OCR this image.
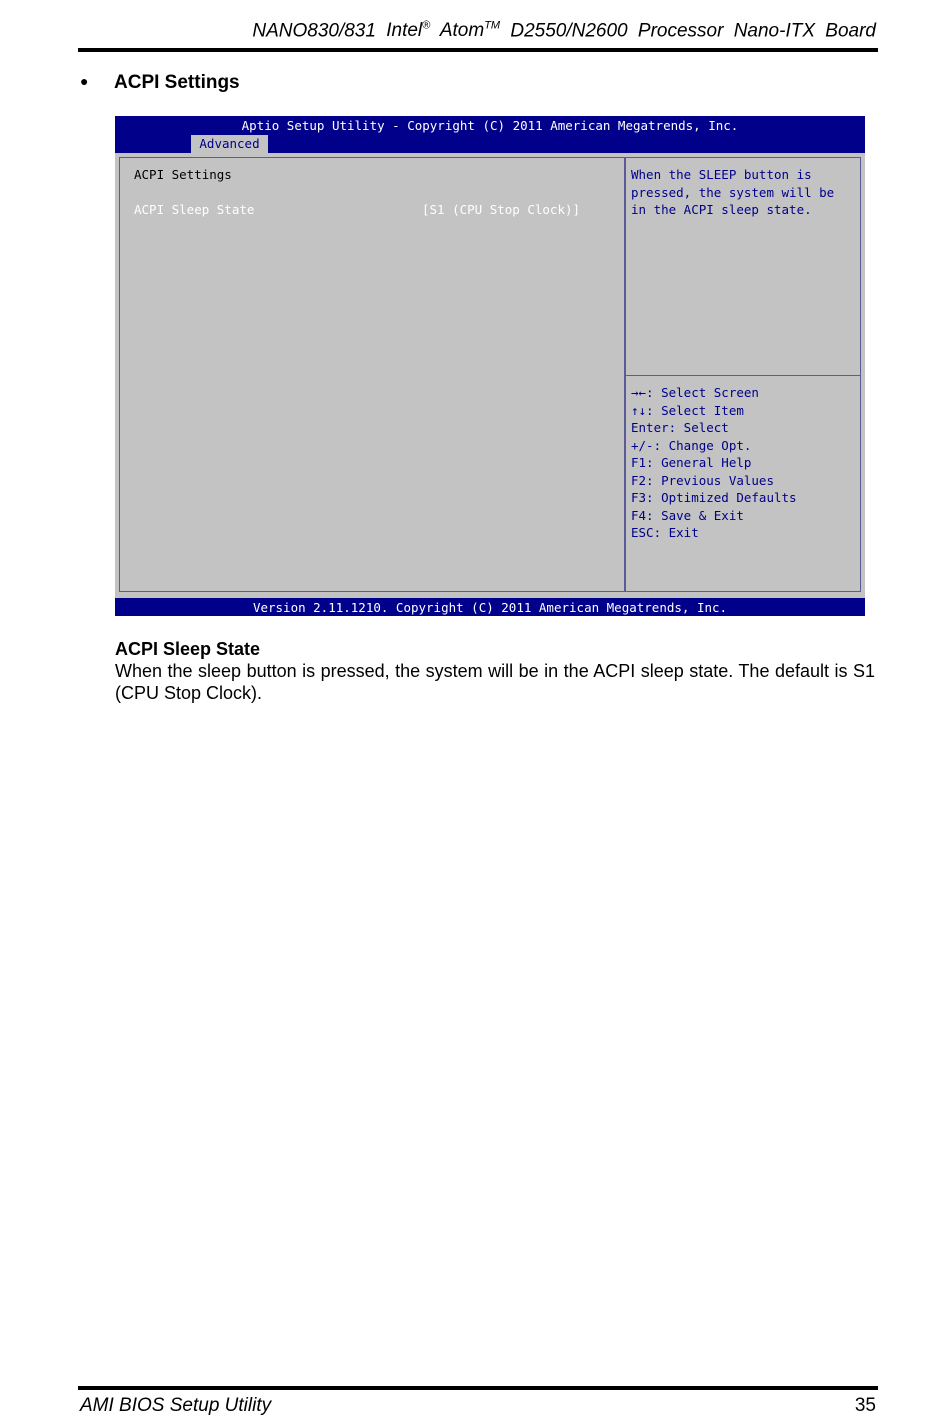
NANO830/831 Intel® Atom™ D2550/N2600 Processor Nano-ITX Board
● ACPI Settings
Aptio Setup Utility - Copyright (C) 2011 American Megatrends, Inc.
Advanced
ACPI Settings
ACPI Sleep State	[S1 (CPU Stop Clock)]
When the SLEEP button is pressed, the system will be in the ACPI sleep state.
→←: Select Screen
↑↓: Select Item
Enter: Select
+/-: Change Opt.
F1: General Help
F2: Previous Values
F3: Optimized Defaults
F4: Save & Exit
ESC: Exit
Version 2.11.1210. Copyright (C) 2011 American Megatrends, Inc.
ACPI Sleep State
When the sleep button is pressed, the system will be in the ACPI sleep state. The default is S1 (CPU Stop Clock).
AMI BIOS Setup Utility	35
